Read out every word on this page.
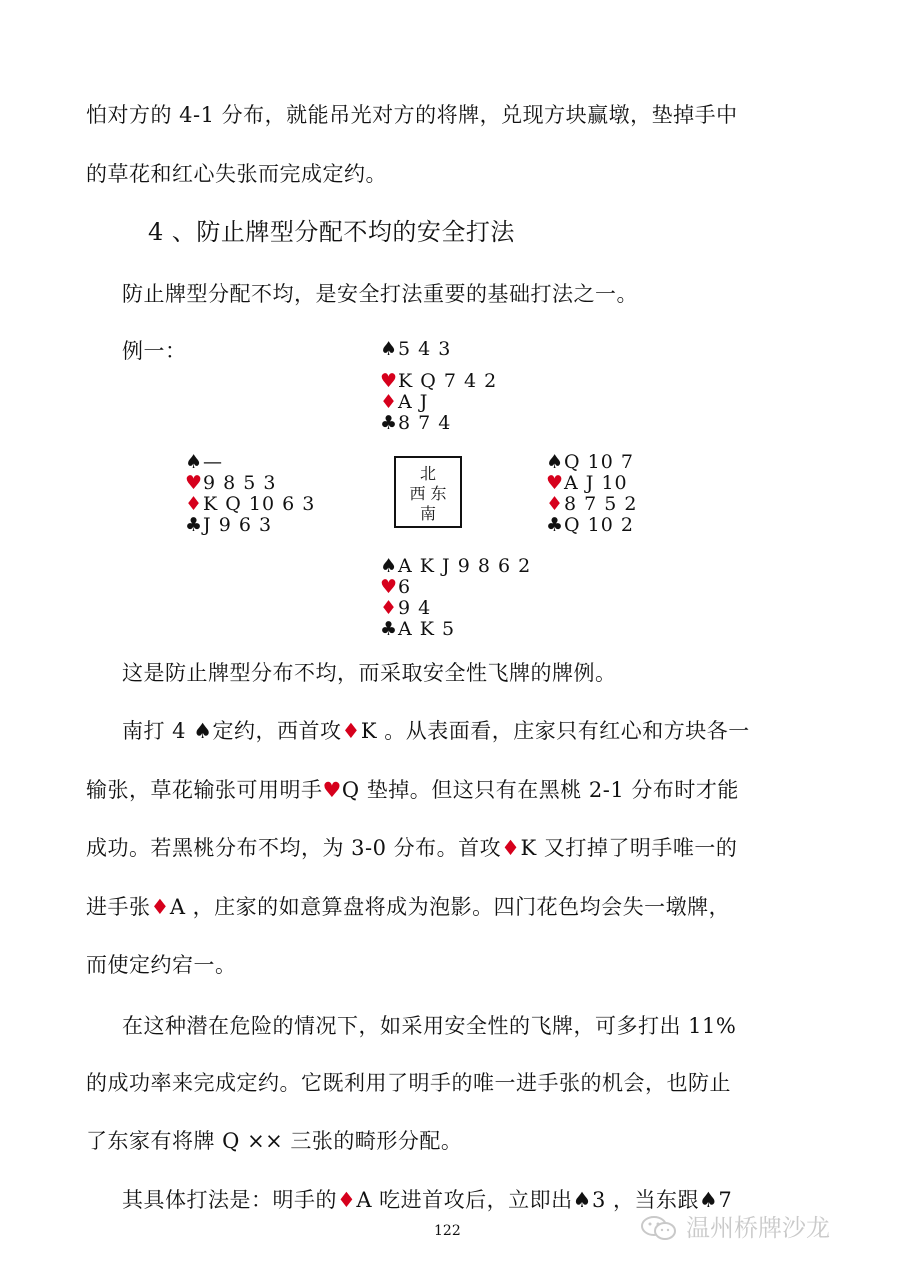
怕对方的 4-1 分布，就能吊光对方的将牌，兑现方块赢墩，垫掉手中
的草花和红心失张而完成定约。
4 、防止牌型分配不均的安全打法
防止牌型分配不均，是安全打法重要的基础打法之一。
例一：	♠5 4 3
♥K Q 7 4 2
♦A J
♣8 7 4
♠—
♥9 8 5 3
♦K Q 10 6 3
♣J 9 6 3
北
西 东
南
♠Q 10 7
♥A J 10
♦8 7 5 2
♣Q 10 2
♠A K J 9 8 6 2
♥6
♦9 4
♣A K 5
这是防止牌型分布不均，而采取安全性飞牌的牌例。
南打 4 ♠定约，西首攻♦K 。从表面看，庄家只有红心和方块各一
输张，草花输张可用明手♥Q 垫掉。但这只有在黑桃 2-1 分布时才能
成功。若黑桃分布不均，为 3-0 分布。首攻♦K 又打掉了明手唯一的
进手张♦A ，庄家的如意算盘将成为泡影。四门花色均会失一墩牌，
而使定约宕一。
在这种潜在危险的情况下，如采用安全性的飞牌，可多打出 11%
的成功率来完成定约。它既利用了明手的唯一进手张的机会，也防止
了东家有将牌 Q ×× 三张的畸形分配。
其具体打法是：明手的♦A 吃进首攻后，立即出♠3 ，当东跟♠7
122	温州桥牌沙龙
